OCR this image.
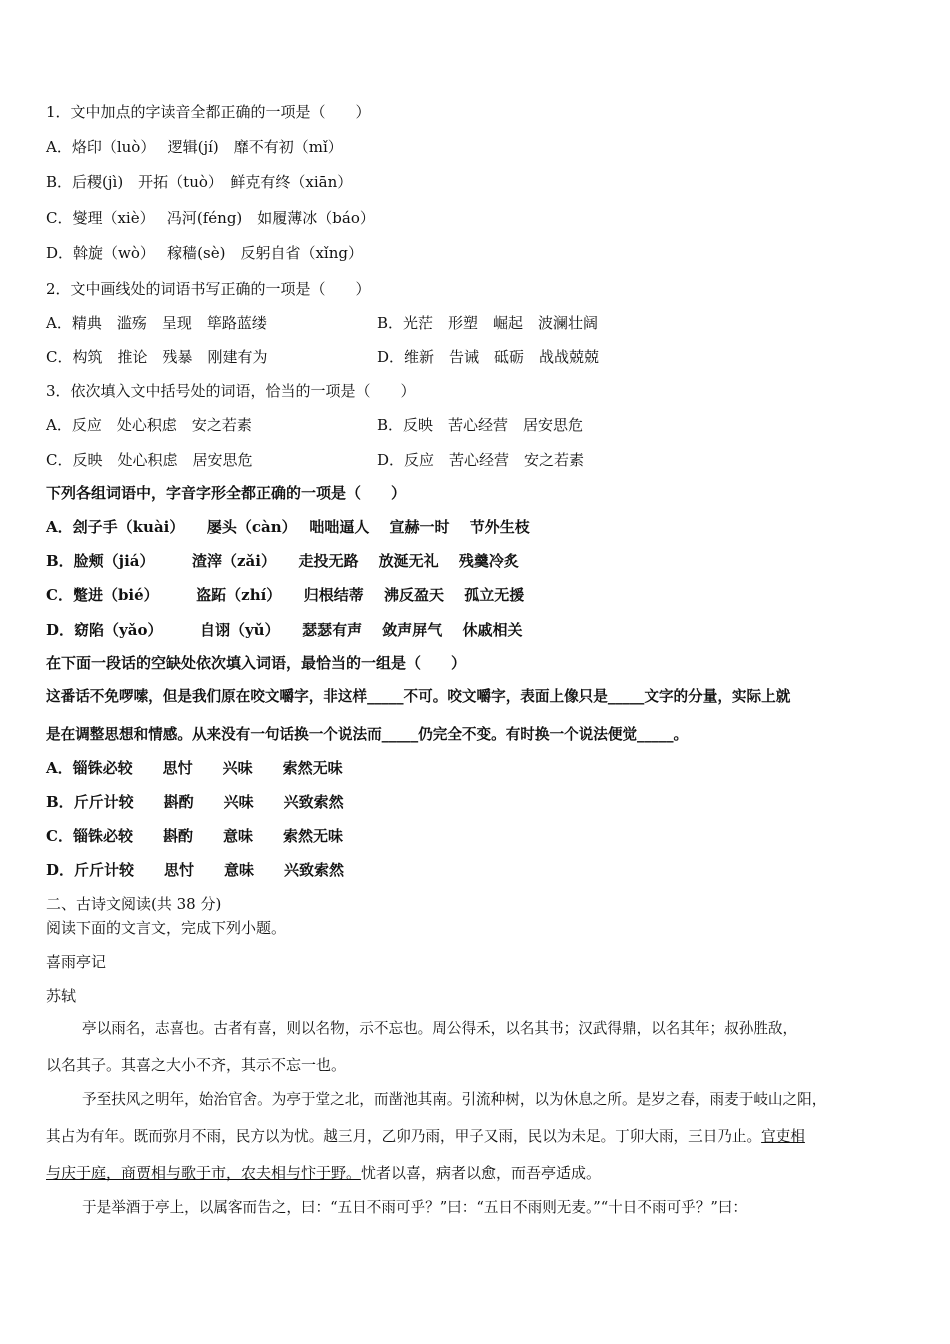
1．文中加点的字读音全都正确的一项是（　　）
A．烙印（luò）　 逻辑(jí)　靡不有初（mǐ）
B．后稷(jì)　开拓（tuò）　鲜克有终（xiān）
C．燮理（xiè）　 冯河(féng)　如履薄冰（báo）
D．斡旋（wò）　 稼穑(sè)　反躬自省（xǐng）
2．文中画线处的词语书写正确的一项是（　　）
A．精典　滥殇　呈现　筚路蓝缕	B．光茫　形塑　崛起　波澜壮阔
C．构筑　推论　残暴　刚建有为	D．维新　告诫　砥砺　战战兢兢
3．依次填入文中括号处的词语，恰当的一项是（　　）
A．反应　处心积虑　安之若素	B．反映　苦心经营　居安思危
C．反映　处心积虑　居安思危	D．反应　苦心经营　安之若素
下列各组词语中，字音字形全都正确的一项是（　　）
A．刽子手（kuài）　　屡头（càn）　 咄咄逼人　 宣赫一时　 节外生枝
B．脸颊（jiá）　　　渣滓（zǎi）　　走投无路　 放涎无礼　 残羹冷炙
C．蹩进（bié）　　　盗跖（zhí）　　归根结蒂　 沸反盈天　 孤立无援
D．窈陷（yǎo）　　　自诩（yǔ）　　瑟瑟有声　 敛声屏气　 休戚相关
在下面一段话的空缺处依次填入词语，最恰当的一组是（　　）
这番话不免啰嗦，但是我们原在咬文嚼字，非这样_____不可。咬文嚼字，表面上像只是_____文字的分量，实际上就
是在调整思想和情感。从来没有一句话换一个说法而_____仍完全不变。有时换一个说法便觉_____。
A．锱铢必较　　思忖　　兴味　　索然无味
B．斤斤计较　　斟酌　　兴味　　兴致索然
C．锱铢必较　　斟酌　　意味　　索然无味
D．斤斤计较　　思忖　　意味　　兴致索然
二、古诗文阅读(共 38 分)
阅读下面的文言文，完成下列小题。
喜雨亭记
苏轼
亭以雨名，志喜也。古者有喜，则以名物，示不忘也。周公得禾，以名其书；汉武得鼎，以名其年；叔孙胜敌，
以名其子。其喜之大小不齐，其示不忘一也。
予至扶风之明年，始治官舍。为亭于堂之北，而凿池其南。引流种树，以为休息之所。是岁之春，雨麦于岐山之阳，
其占为有年。既而弥月不雨，民方以为忧。越三月，乙卯乃雨，甲子又雨，民以为未足。丁卯大雨，三日乃止。官吏相
与庆于庭，商贾相与歌于市，农夫相与忭于野。忧者以喜，病者以愈，而吾亭适成。
于是举酒于亭上，以属客而告之，曰：“五日不雨可乎？”曰：“五日不雨则无麦。”“十日不雨可乎？”曰：
